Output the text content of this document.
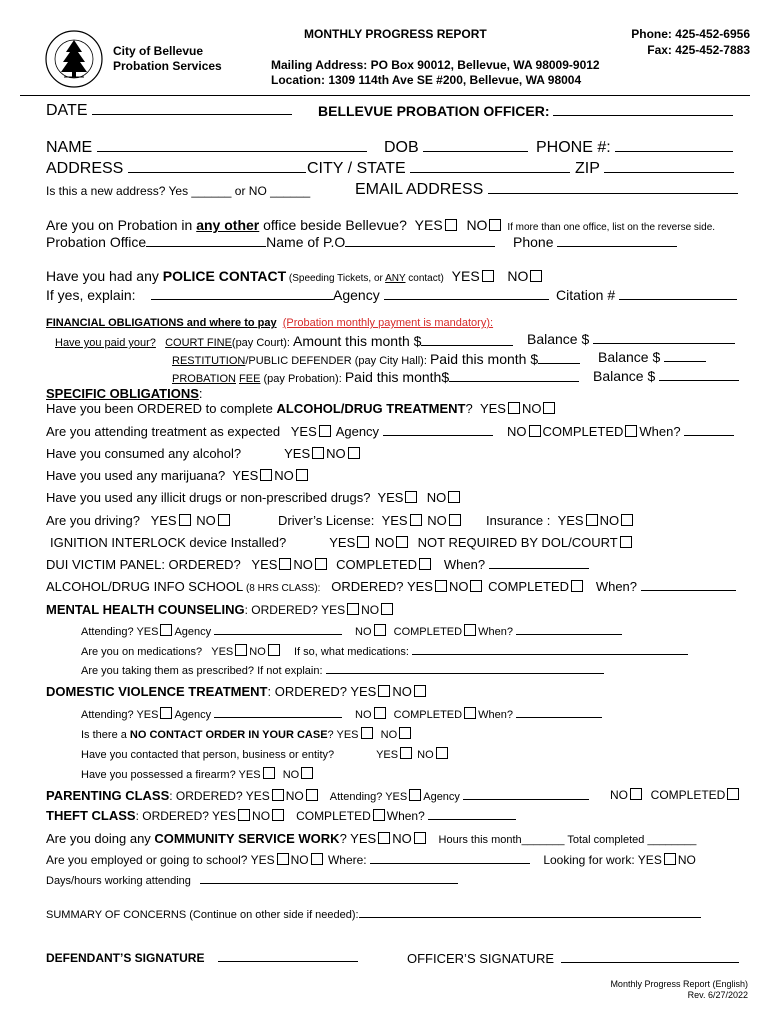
City of Bellevue
Probation Services
MONTHLY PROGRESS REPORT
Mailing Address: PO Box 90012, Bellevue, WA 98009-9012
Location: 1309 114th Ave SE #200, Bellevue, WA 98004
Phone: 425-452-6956
Fax: 425-452-7883
DATE	BELLEVUE PROBATION OFFICER:
NAME	DOB	PHONE #:
ADDRESS	CITY / STATE	ZIP
Is this a new address? Yes ______ or NO ______	EMAIL ADDRESS
Are you on Probation in any other office beside Bellevue? YES NO If more than one office, list on the reverse side.
Probation Office	Name of P.O	Phone
Have you had any POLICE CONTACT (Speeding Tickets, or ANY contact) YES NO
If yes, explain:	Agency	Citation #
FINANCIAL OBLIGATIONS and where to pay (Probation monthly payment is mandatory):
Have you paid your? COURT FINE(pay Court): Amount this month $	Balance $
RESTITUTION/PUBLIC DEFENDER (pay City Hall): Paid this month $	Balance $
PROBATION FEE (pay Probation): Paid this month$	Balance $
SPECIFIC OBLIGATIONS:
Have you been ORDERED to complete ALCOHOL/DRUG TREATMENT? YES NO
Are you attending treatment as expected YES Agency	NO COMPLETED When?
Have you consumed any alcohol?	YES NO
Have you used any marijuana? YES NO
Have you used any illicit drugs or non-prescribed drugs? YES NO
Are you driving? YES NO	Driver’s License: YES NO	Insurance : YES NO
IGNITION INTERLOCK device Installed?	YES NO NOT REQUIRED BY DOL/COURT
DUI VICTIM PANEL: ORDERED? YES NO COMPLETED When?
ALCOHOL/DRUG INFO SCHOOL (8 HRS CLASS): ORDERED? YES NO COMPLETED When?
MENTAL HEALTH COUNSELING: ORDERED? YES NO
Attending? YES Agency	NO COMPLETED When?
Are you on medications? YES NO	If so, what medications:
Are you taking them as prescribed? If not explain:
DOMESTIC VIOLENCE TREATMENT: ORDERED? YES NO
Attending? YES Agency	NO COMPLETED When?
Is there a NO CONTACT ORDER IN YOUR CASE? YES NO
Have you contacted that person, business or entity?	YES NO
Have you possessed a firearm? YES NO
PARENTING CLASS: ORDERED? YES NO Attending? YES Agency	NO COMPLETED
THEFT CLASS: ORDERED? YES NO COMPLETED When?
Are you doing any COMMUNITY SERVICE WORK? YES NO Hours this month_______ Total completed ________
Are you employed or going to school? YES NO Where:	Looking for work: YES NO
Days/hours working attending
SUMMARY OF CONCERNS (Continue on other side if needed):
DEFENDANT’S SIGNATURE	OFFICER’S SIGNATURE
Monthly Progress Report (English)
Rev. 6/27/2022
